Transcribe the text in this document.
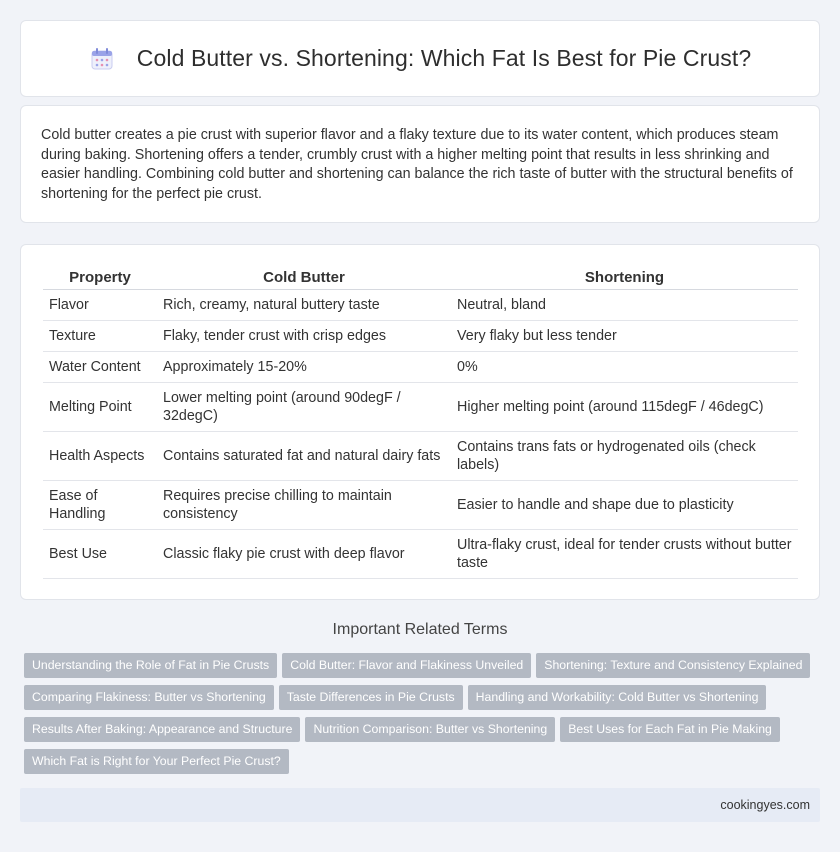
Cold Butter vs. Shortening: Which Fat Is Best for Pie Crust?

Cold butter creates a pie crust with superior flavor and a flaky texture due to its water content, which produces steam during baking. Shortening offers a tender, crumbly crust with a higher melting point that results in less shrinking and easier handling. Combining cold butter and shortening can balance the rich taste of butter with the structural benefits of shortening for the perfect pie crust.

Property	Cold Butter	Shortening
Flavor	Rich, creamy, natural buttery taste	Neutral, bland
Texture	Flaky, tender crust with crisp edges	Very flaky but less tender
Water Content	Approximately 15-20%	0%
Melting Point	Lower melting point (around 90degF / 32degC)	Higher melting point (around 115degF / 46degC)
Health Aspects	Contains saturated fat and natural dairy fats	Contains trans fats or hydrogenated oils (check labels)
Ease of Handling	Requires precise chilling to maintain consistency	Easier to handle and shape due to plasticity
Best Use	Classic flaky pie crust with deep flavor	Ultra-flaky crust, ideal for tender crusts without butter taste
Important Related Terms
Understanding the Role of Fat in Pie Crusts Cold Butter: Flavor and Flakiness Unveiled Shortening: Texture and Consistency Explained
Comparing Flakiness: Butter vs Shortening Taste Differences in Pie Crusts Handling and Workability: Cold Butter vs Shortening
Results After Baking: Appearance and Structure Nutrition Comparison: Butter vs Shortening Best Uses for Each Fat in Pie Making
Which Fat is Right for Your Perfect Pie Crust?
cookingyes.com
